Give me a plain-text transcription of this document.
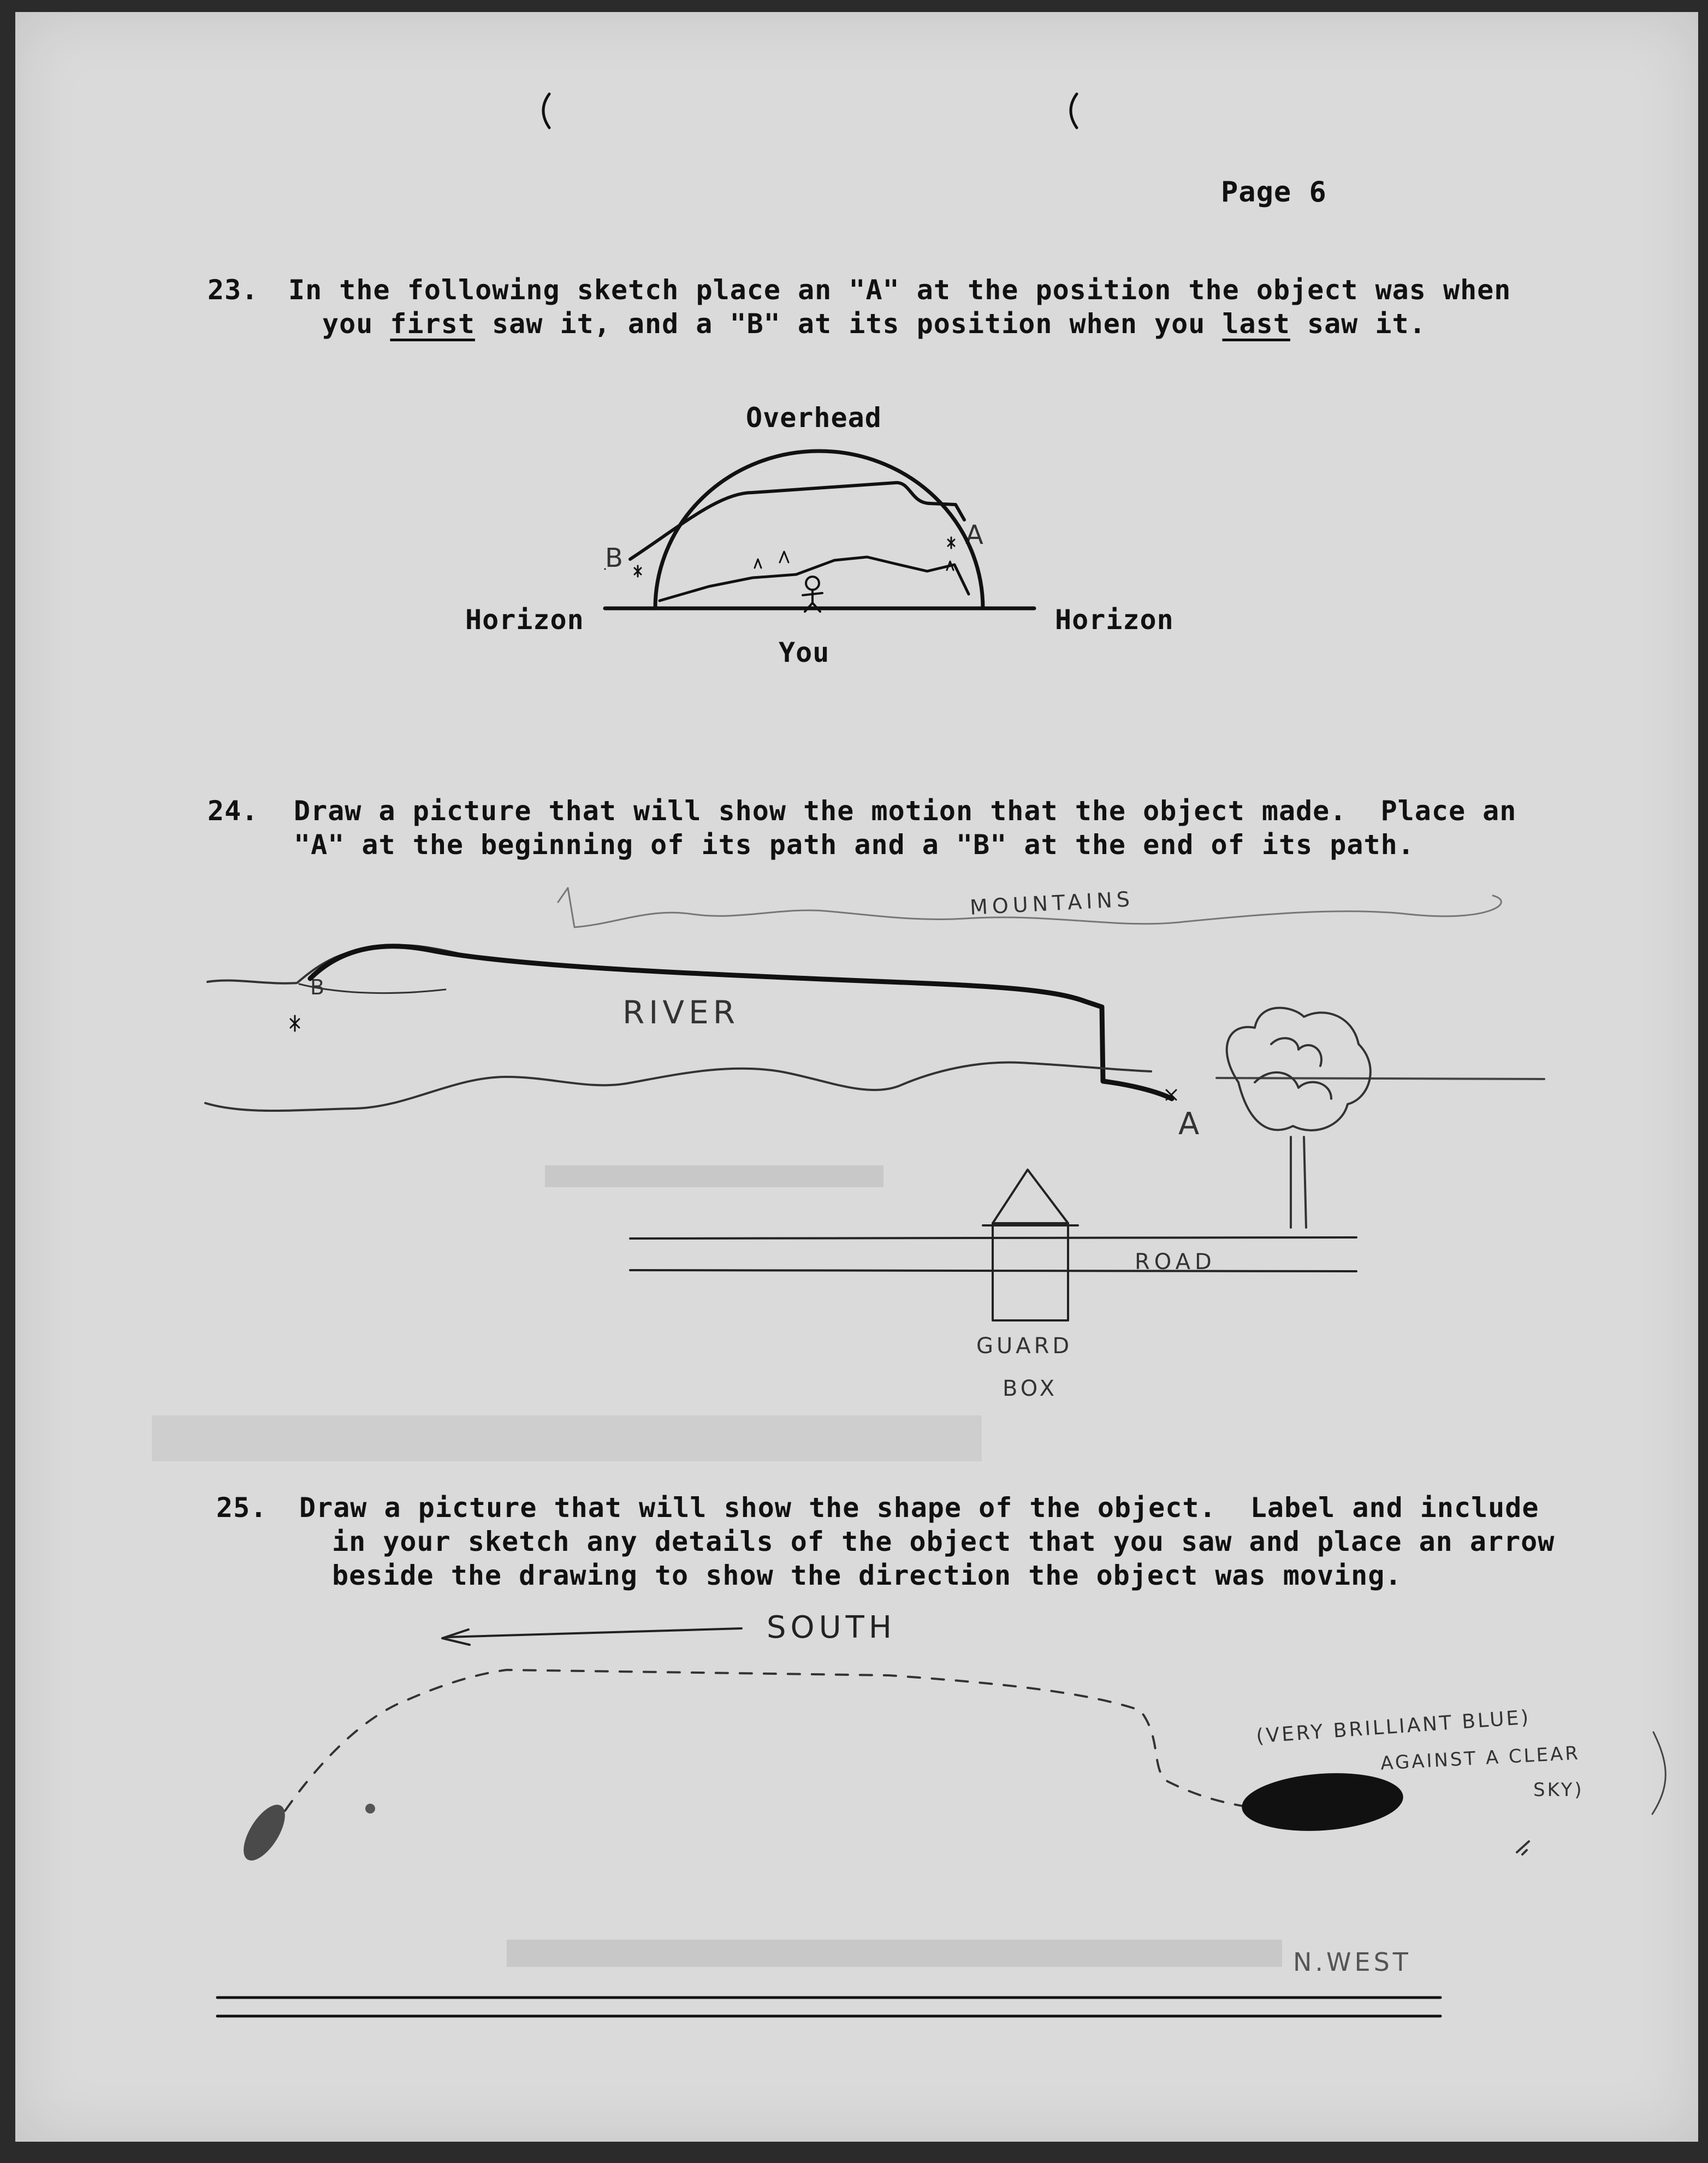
Page 6
23. In the following sketch place an "A" at the position the object was when
you first saw it, and a "B" at its position when you last saw it.
Overhead
Horizon	Horizon
You
B
A
24. Draw a picture that will show the motion that the object made.  Place an
"A" at the beginning of its path and a "B" at the end of its path.
MOUNTAINS
RIVER
ROAD
GUARD
BOX
B
A
25. Draw a picture that will show the shape of the object.  Label and include
in your sketch any details of the object that you saw and place an arrow
beside the drawing to show the direction the object was moving.
SOUTH
(VERY BRILLIANT BLUE)
AGAINST A CLEAR
SKY)
N.WEST
